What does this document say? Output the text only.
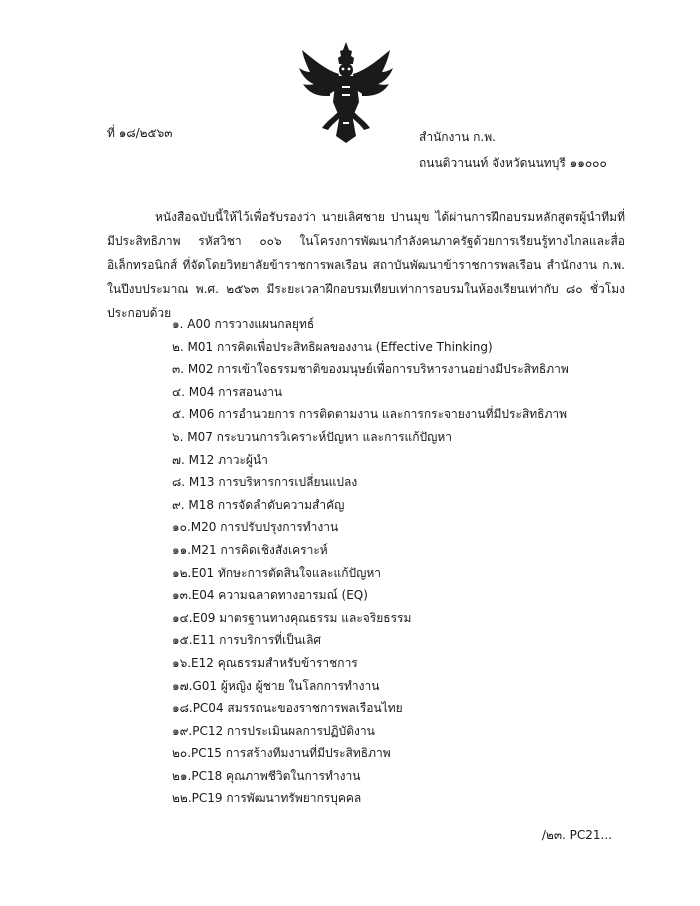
ที่ ๑๘/๒๕๖๓	สำนักงาน ก.พ.
ถนนติวานนท์ จังหวัดนนทบุรี ๑๑๐๐๐

หนังสือฉบับนี้ให้ไว้เพื่อรับรองว่า นายเลิศชาย ปานมุข ได้ผ่านการฝึกอบรมหลักสูตรผู้นำทีมที่มีประสิทธิภาพ รหัสวิชา ๐๐๖ ในโครงการพัฒนากำลังคนภาครัฐด้วยการเรียนรู้ทางไกลและสื่ออิเล็กทรอนิกส์ ที่จัดโดยวิทยาลัยข้าราชการพลเรือน สถาบันพัฒนาข้าราชการพลเรือน สำนักงาน ก.พ. ในปีงบประมาณ พ.ศ. ๒๕๖๓ มีระยะเวลาฝึกอบรมเทียบเท่าการอบรมในห้องเรียนเท่ากับ ๘๐ ชั่วโมง ประกอบด้วย

๑. A00 การวางแผนกลยุทธ์
๒. M01 การคิดเพื่อประสิทธิผลของงาน (Effective Thinking)
๓. M02 การเข้าใจธรรมชาติของมนุษย์เพื่อการบริหารงานอย่างมีประสิทธิภาพ
๔. M04 การสอนงาน
๕. M06 การอำนวยการ การติดตามงาน และการกระจายงานที่มีประสิทธิภาพ
๖. M07 กระบวนการวิเคราะห์ปัญหา และการแก้ปัญหา
๗. M12 ภาวะผู้นำ
๘. M13 การบริหารการเปลี่ยนแปลง
๙. M18 การจัดลำดับความสำคัญ
๑๐.M20 การปรับปรุงการทำงาน
๑๑.M21 การคิดเชิงสังเคราะห์
๑๒.E01 ทักษะการตัดสินใจและแก้ปัญหา
๑๓.E04 ความฉลาดทางอารมณ์ (EQ)
๑๔.E09 มาตรฐานทางคุณธรรม และจริยธรรม
๑๕.E11 การบริการที่เป็นเลิศ
๑๖.E12 คุณธรรมสำหรับข้าราชการ
๑๗.G01 ผู้หญิง ผู้ชาย ในโลกการทำงาน
๑๘.PC04 สมรรถนะของราชการพลเรือนไทย
๑๙.PC12 การประเมินผลการปฏิบัติงาน
๒๐.PC15 การสร้างทีมงานที่มีประสิทธิภาพ
๒๑.PC18 คุณภาพชีวิตในการทำงาน
๒๒.PC19 การพัฒนาทรัพยากรบุคคล
/๒๓. PC21...
